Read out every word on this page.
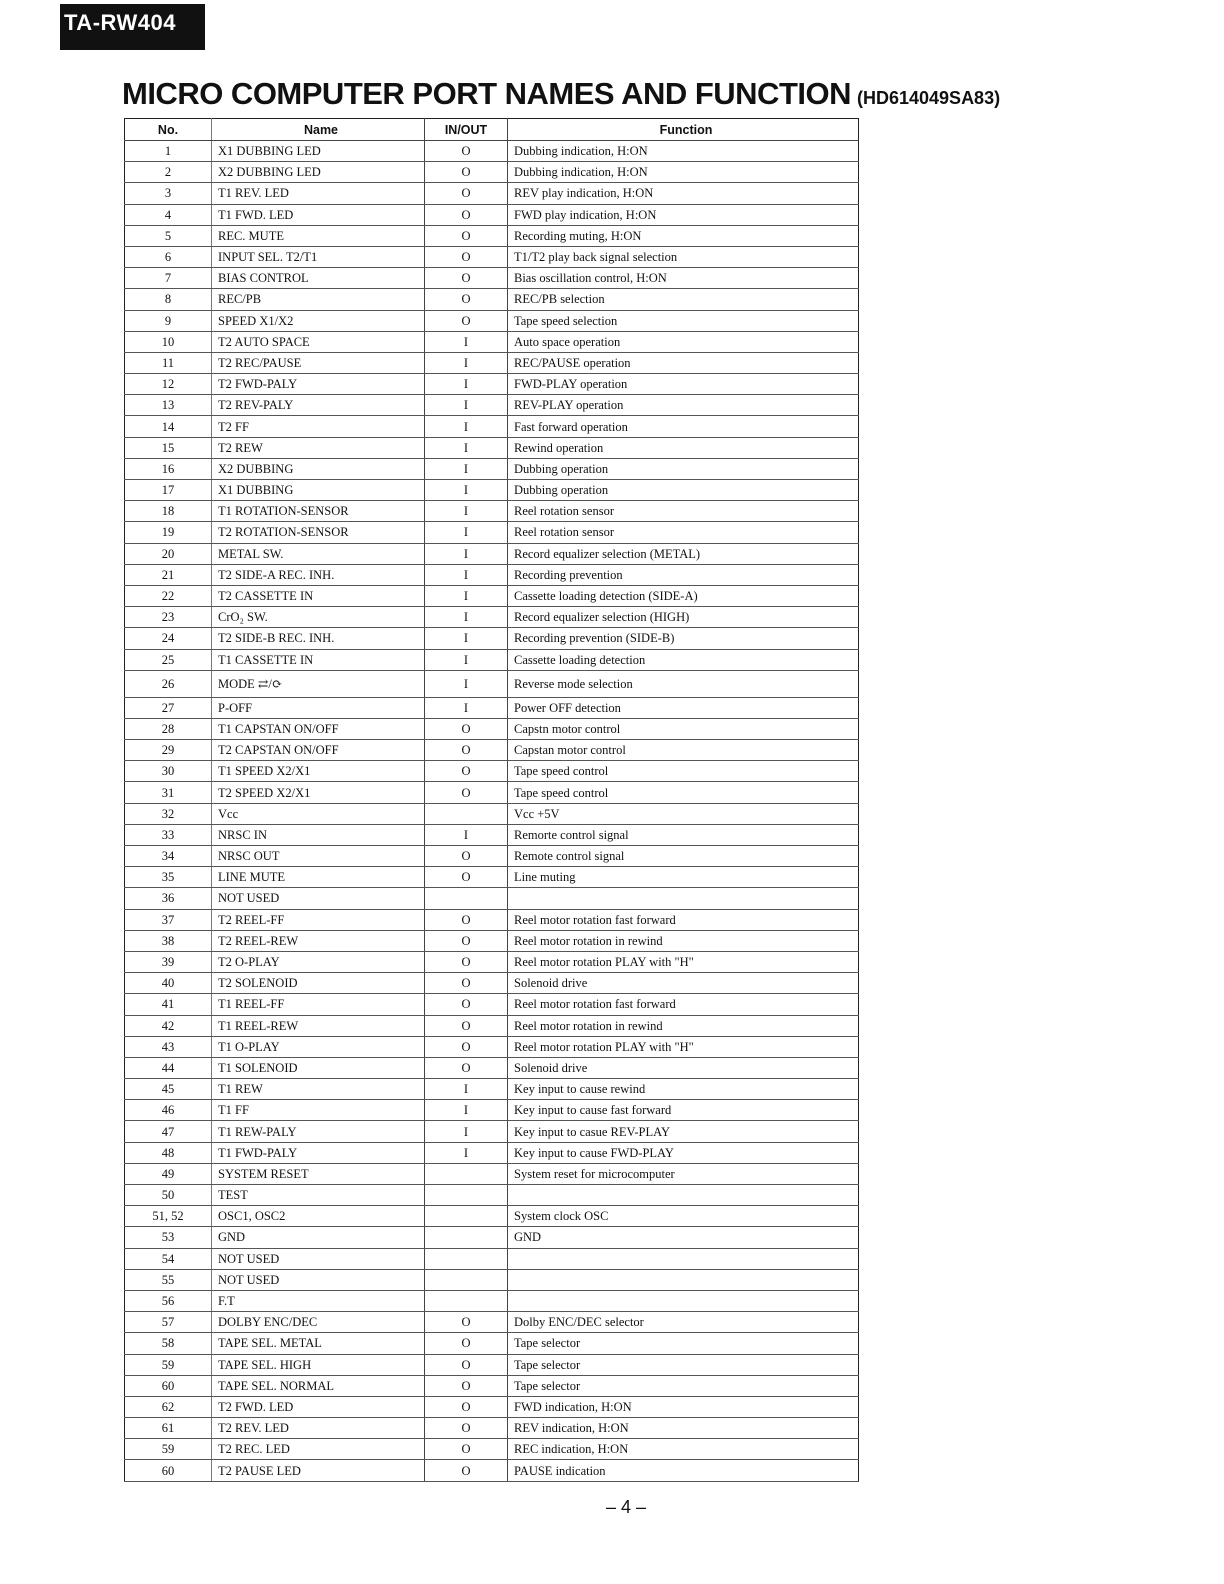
TA-RW404
MICRO COMPUTER PORT NAMES AND FUNCTION (HD614049SA83)
No.	Name	IN/OUT	Function
1	X1 DUBBING LED	O	Dubbing indication, H:ON
2	X2 DUBBING LED	O	Dubbing indication, H:ON
3	T1 REV. LED	O	REV play indication, H:ON
4	T1 FWD. LED	O	FWD play indication, H:ON
5	REC. MUTE	O	Recording muting, H:ON
6	INPUT SEL. T2/T1	O	T1/T2 play back signal selection
7	BIAS CONTROL	O	Bias oscillation control, H:ON
8	REC/PB	O	REC/PB selection
9	SPEED X1/X2	O	Tape speed selection
10	T2 AUTO SPACE	I	Auto space operation
11	T2 REC/PAUSE	I	REC/PAUSE operation
12	T2 FWD-PALY	I	FWD-PLAY operation
13	T2 REV-PALY	I	REV-PLAY operation
14	T2 FF	I	Fast forward operation
15	T2 REW	I	Rewind operation
16	X2 DUBBING	I	Dubbing operation
17	X1 DUBBING	I	Dubbing operation
18	T1 ROTATION-SENSOR	I	Reel rotation sensor
19	T2 ROTATION-SENSOR	I	Reel rotation sensor
20	METAL SW.	I	Record equalizer selection (METAL)
21	T2 SIDE-A REC. INH.	I	Recording prevention
22	T2 CASSETTE IN	I	Cassette loading detection (SIDE-A)
23	CrO₂ SW.	I	Record equalizer selection (HIGH)
24	T2 SIDE-B REC. INH.	I	Recording prevention (SIDE-B)
25	T1 CASSETTE IN	I	Cassette loading detection
26	MODE ⇄/⟳	I	Reverse mode selection
27	P-OFF	I	Power OFF detection
28	T1 CAPSTAN ON/OFF	O	Capstn motor control
29	T2 CAPSTAN ON/OFF	O	Capstan motor control
30	T1 SPEED X2/X1	O	Tape speed control
31	T2 SPEED X2/X1	O	Tape speed control
32	Vcc		Vcc +5V
33	NRSC IN	I	Remorte control signal
34	NRSC OUT	O	Remote control signal
35	LINE MUTE	O	Line muting
36	NOT USED		
37	T2 REEL-FF	O	Reel motor rotation fast forward
38	T2 REEL-REW	O	Reel motor rotation in rewind
39	T2 O-PLAY	O	Reel motor rotation PLAY with "H"
40	T2 SOLENOID	O	Solenoid drive
41	T1 REEL-FF	O	Reel motor rotation fast forward
42	T1 REEL-REW	O	Reel motor rotation in rewind
43	T1 O-PLAY	O	Reel motor rotation PLAY with "H"
44	T1 SOLENOID	O	Solenoid drive
45	T1 REW	I	Key input to cause rewind
46	T1 FF	I	Key input to cause fast forward
47	T1 REW-PALY	I	Key input to casue REV-PLAY
48	T1 FWD-PALY	I	Key input to cause FWD-PLAY
49	SYSTEM RESET		System reset for microcomputer
50	TEST		
51, 52	OSC1, OSC2		System clock OSC
53	GND		GND
54	NOT USED		
55	NOT USED		
56	F.T		
57	DOLBY ENC/DEC	O	Dolby ENC/DEC selector
58	TAPE SEL. METAL	O	Tape selector
59	TAPE SEL. HIGH	O	Tape selector
60	TAPE SEL. NORMAL	O	Tape selector
62	T2 FWD. LED	O	FWD indication, H:ON
61	T2 REV. LED	O	REV indication, H:ON
59	T2 REC. LED	O	REC indication, H:ON
60	T2 PAUSE LED	O	PAUSE indication
– 4 –
